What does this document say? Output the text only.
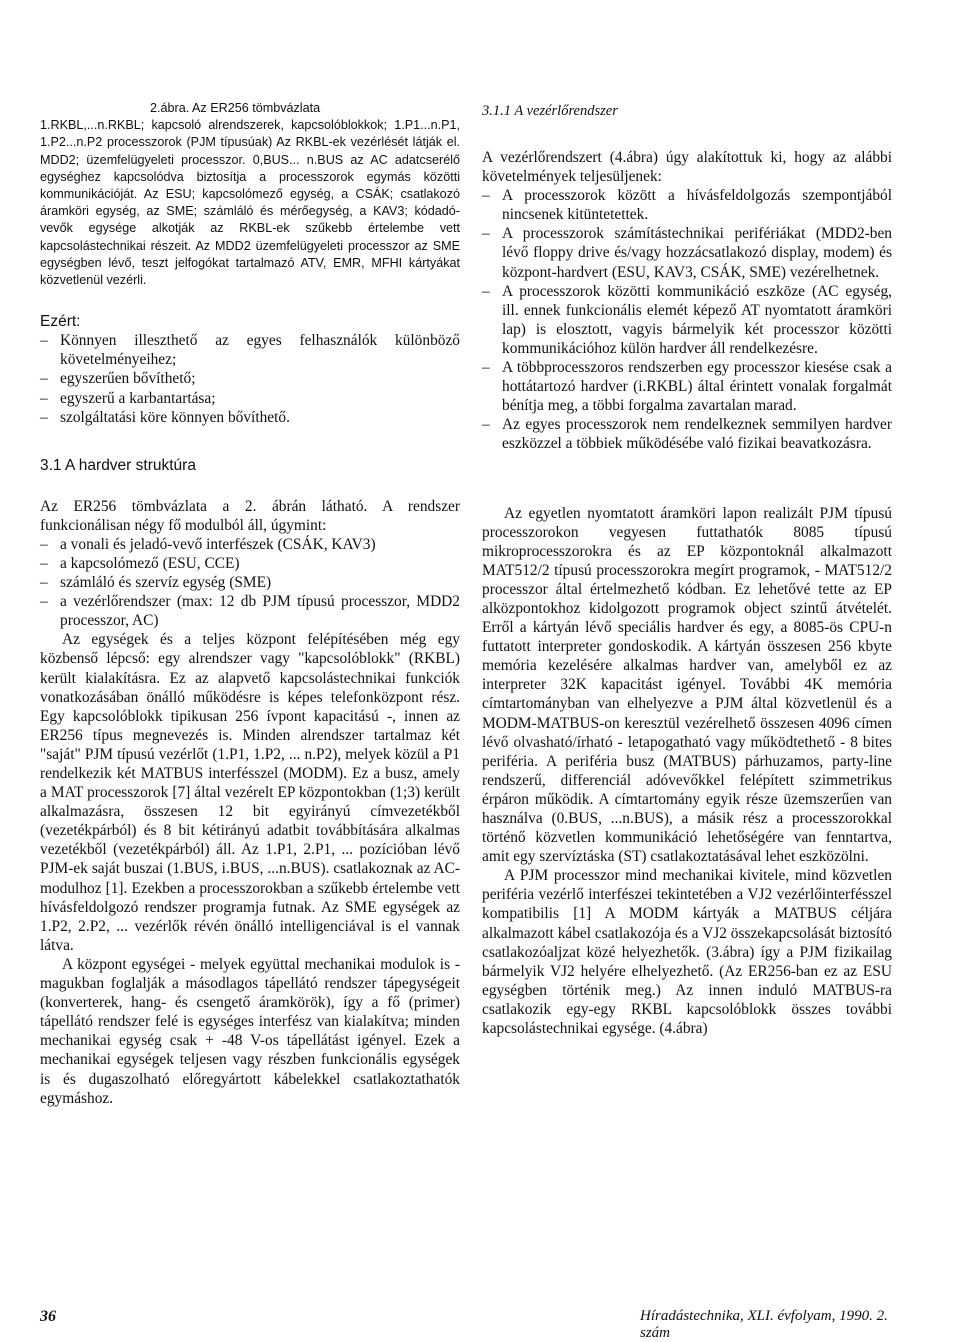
2.ábra. Az ER256 tömbvázlata

1.RKBL,...n.RKBL; kapcsoló alrendszerek, kapcsolóblokkok; 1.P1...n.P1, 1.P2...n.P2 processzorok (PJM típusúak) Az RKBL-ek vezérlését látják el. MDD2; üzemfelügyeleti processzor. 0,BUS... n.BUS az AC adatcserélő egységhez kapcsolódva biztosítja a processzorok egymás közötti kommunikációját. Az ESU; kapcsolómező egység, a CSÁK; csatlakozó áramköri egység, az SME; számláló és mérőegység, a KAV3; kódadó-vevők egysége alkotják az RKBL-ek szűkebb értelembe vett kapcsolástechnikai részeit. Az MDD2 üzemfelügyeleti processzor az SME egységben lévő, teszt jelfogókat tartalmazó ATV, EMR, MFHI kártyákat közvetlenül vezérli.

Ezért:

– Könnyen illeszthető az egyes felhasználók különböző követelményeihez;
– egyszerűen bővíthető;
– egyszerű a karbantartása;
– szolgáltatási köre könnyen bővíthető.

3.1 A hardver struktúra

Az ER256 tömbvázlata a 2. ábrán látható. A rendszer funkcionálisan négy fő modulból áll, úgymint:

– a vonali és jeladó-vevő interfészek (CSÁK, KAV3)
– a kapcsolómező (ESU, CCE)
– számláló és szervíz egység (SME)
– a vezérlőrendszer (max: 12 db PJM típusú processzor, MDD2 processzor, AC)

Az egységek és a teljes központ felépítésében még egy közbenső lépcső: egy alrendszer vagy "kapcsolóblokk" (RKBL) került kialakításra. Ez az alapvető kapcsolástechnikai funkciók vonatkozásában önálló működésre is képes telefonközpont rész. Egy kapcsolóblokk tipikusan 256 ívpont kapacitású -, innen az ER256 típus megnevezés is. Minden alrendszer tartalmaz két "saját" PJM típusú vezérlőt (1.P1, 1.P2, ... n.P2), melyek közül a P1 rendelkezik két MATBUS interfésszel (MODM). Ez a busz, amely a MAT processzorok [7] által vezérelt EP központokban (1;3) került alkalmazásra, összesen 12 bit egyirányú címvezetékből (vezetékpárból) és 8 bit kétirányú adatbit továbbítására alkalmas vezetékből (vezetékpárból) áll. Az 1.P1, 2.P1, ... pozícióban lévő PJM-ek saját buszai (1.BUS, i.BUS, ...n.BUS). csatlakoznak az AC-modulhoz [1]. Ezekben a processzorokban a szűkebb értelembe vett hívásfeldolgozó rendszer programja futnak. Az SME egységek az 1.P2, 2.P2, ... vezérlők révén önálló intelligenciával is el vannak látva.

A központ egységei - melyek együttal mechanikai modulok is - magukban foglalják a másodlagos tápellátó rendszer tápegységeit (konverterek, hang- és csengető áramkörök), így a fő (primer) tápellátó rendszer felé is egységes interfész van kialakítva; minden mechanikai egység csak + -48 V-os tápellátást igényel. Ezek a mechanikai egységek teljesen vagy részben funkcionális egységek is és dugaszolható előregyártott kábelekkel csatlakoztathatók egymáshoz.

3.1.1 A vezérlőrendszer

A vezérlőrendszert (4.ábra) úgy alakítottuk ki, hogy az alábbi követelmények teljesüljenek:

– A processzorok között a hívásfeldolgozás szempontjából nincsenek kitüntetettek.
– A processzorok számítástechnikai perifériákat (MDD2-ben lévő floppy drive és/vagy hozzácsatlakozó display, modem) és központ-hardvert (ESU, KAV3, CSÁK, SME) vezérelhetnek.
– A processzorok közötti kommunikáció eszköze (AC egység, ill. ennek funkcionális elemét képező AT nyomtatott áramköri lap) is elosztott, vagyis bármelyik két processzor közötti kommunikációhoz külön hardver áll rendelkezésre.
– A többprocesszoros rendszerben egy processzor kiesése csak a hottátartozó hardver (i.RKBL) által érintett vonalak forgalmát bénítja meg, a többi forgalma zavartalan marad.
– Az egyes processzorok nem rendelkeznek semmilyen hardver eszközzel a többiek működésébe való fizikai beavatkozásra.

Az egyetlen nyomtatott áramköri lapon realizált PJM típusú processzorokon vegyesen futtathatók 8085 típusú mikroprocesszorokra és az EP központoknál alkalmazott MAT512/2 típusú processzorokra megírt programok, - MAT512/2 processzor által értelmezhető kódban. Ez lehetővé tette az EP alközpontokhoz kidolgozott programok object szintű átvételét. Erről a kártyán lévő speciális hardver és egy, a 8085-ös CPU-n futtatott interpreter gondoskodik. A kártyán összesen 256 kbyte memória kezelésére alkalmas hardver van, amelyből ez az interpreter 32K kapacitást igényel. További 4K memória címtartományban van elhelyezve a PJM által közvetlenül és a MODM-MATBUS-on keresztül vezérelhető összesen 4096 címen lévő olvasható/írható - letapogatható vagy működtethető - 8 bites periféria. A periféria busz (MATBUS) párhuzamos, party-line rendszerű, differenciál adóvevőkkel felépített szimmetrikus érpáron működik. A címtartomány egyik része üzemszerűen van használva (0.BUS, ...n.BUS), a másik rész a processzorokkal történő közvetlen kommunikáció lehetőségére van fenntartva, amit egy szervíztáska (ST) csatlakoztatásával lehet eszközölni.

A PJM processzor mind mechanikai kivitele, mind közvetlen periféria vezérlő interfészei tekintetében a VJ2 vezérlőinterfésszel kompatibilis [1] A MODM kártyák a MATBUS céljára alkalmazott kábel csatlakozója és a VJ2 összekapcsolását biztosító csatlakozóaljzat közé helyezhetők. (3.ábra) így a PJM fizikailag bármelyik VJ2 helyére elhelyezhető. (Az ER256-ban ez az ESU egységben történik meg.) Az innen induló MATBUS-ra csatlakozik egy-egy RKBL kapcsolóblokk összes további kapcsolástechnikai egysége. (4.ábra)

36	Híradástechnika, XLI. évfolyam, 1990. 2. szám
